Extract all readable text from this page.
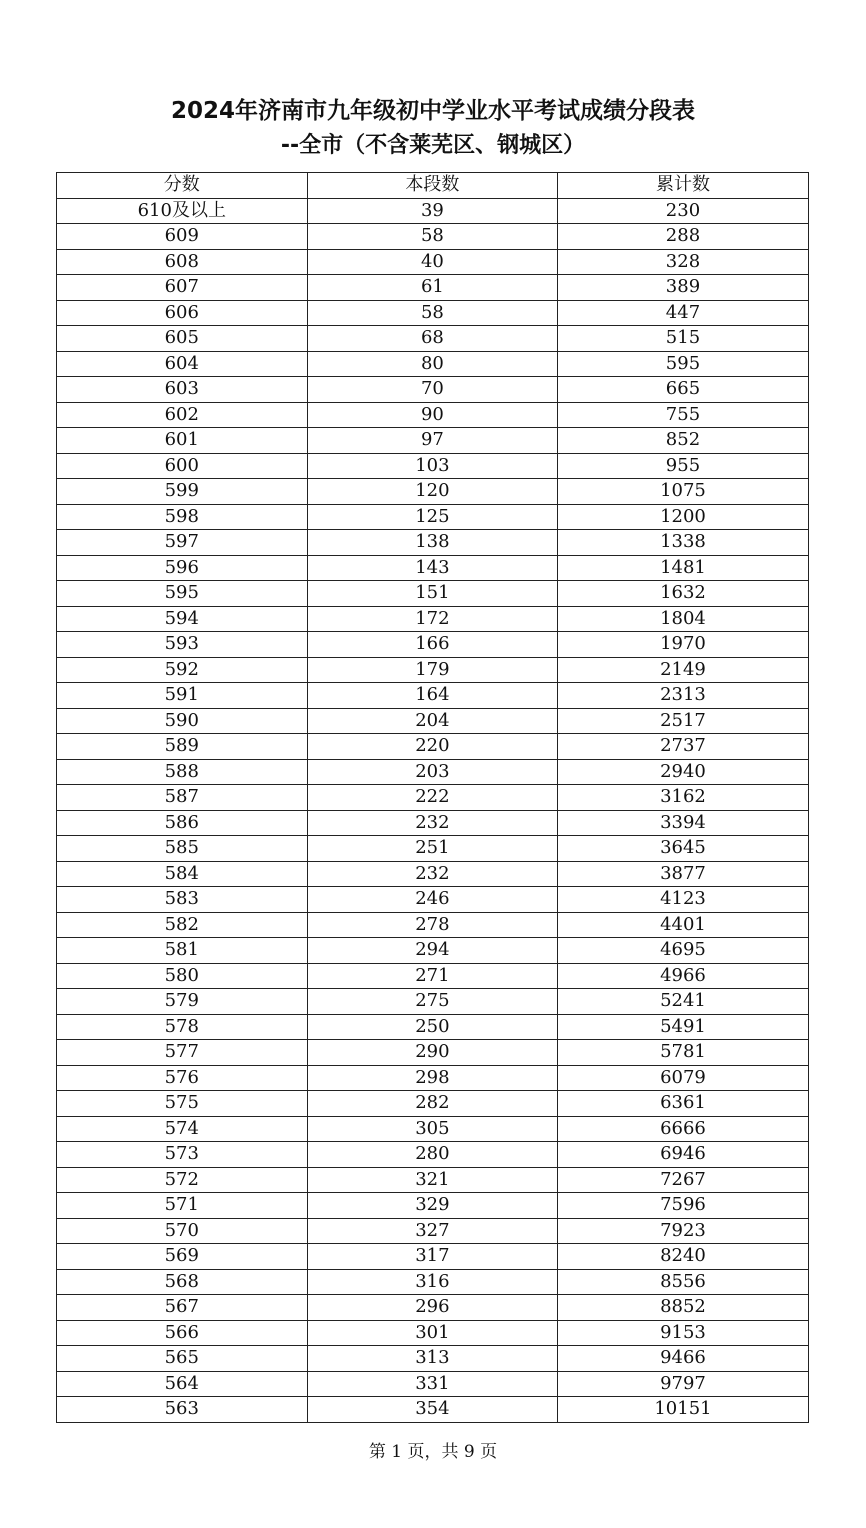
2024年济南市九年级初中学业水平考试成绩分段表
--全市（不含莱芜区、钢城区）
分数	本段数	累计数
610及以上	39	230
609	58	288
608	40	328
607	61	389
606	58	447
605	68	515
604	80	595
603	70	665
602	90	755
601	97	852
600	103	955
599	120	1075
598	125	1200
597	138	1338
596	143	1481
595	151	1632
594	172	1804
593	166	1970
592	179	2149
591	164	2313
590	204	2517
589	220	2737
588	203	2940
587	222	3162
586	232	3394
585	251	3645
584	232	3877
583	246	4123
582	278	4401
581	294	4695
580	271	4966
579	275	5241
578	250	5491
577	290	5781
576	298	6079
575	282	6361
574	305	6666
573	280	6946
572	321	7267
571	329	7596
570	327	7923
569	317	8240
568	316	8556
567	296	8852
566	301	9153
565	313	9466
564	331	9797
563	354	10151
第 1 页，共 9 页
